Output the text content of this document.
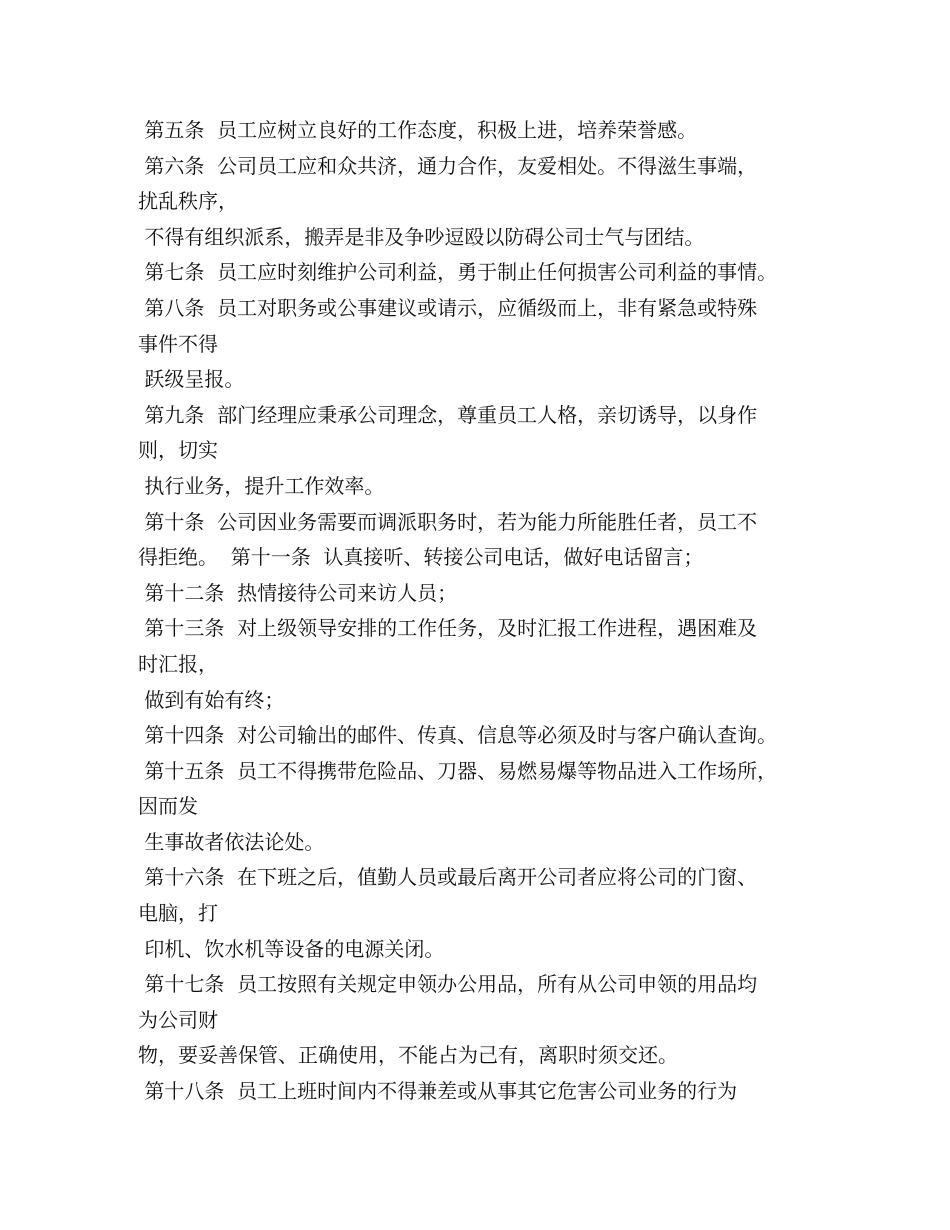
第五条  员工应树立良好的工作态度，积极上进，培养荣誉感。
第六条  公司员工应和众共济，通力合作，友爱相处。不得滋生事端，
扰乱秩序，
不得有组织派系，搬弄是非及争吵逗殴以防碍公司士气与团结。
第七条  员工应时刻维护公司利益，勇于制止任何损害公司利益的事情。
第八条  员工对职务或公事建议或请示，应循级而上，非有紧急或特殊
事件不得
跃级呈报。
第九条  部门经理应秉承公司理念，尊重员工人格，亲切诱导，以身作
则，切实
执行业务，提升工作效率。
第十条  公司因业务需要而调派职务时，若为能力所能胜任者，员工不
得拒绝。  第十一条  认真接听、转接公司电话，做好电话留言；
第十二条  热情接待公司来访人员；
第十三条  对上级领导安排的工作任务，及时汇报工作进程，遇困难及
时汇报，
做到有始有终；
第十四条  对公司输出的邮件、传真、信息等必须及时与客户确认查询。
第十五条  员工不得携带危险品、刀器、易燃易爆等物品进入工作场所，
因而发
生事故者依法论处。
第十六条  在下班之后，值勤人员或最后离开公司者应将公司的门窗、
电脑，打
印机、饮水机等设备的电源关闭。
第十七条  员工按照有关规定申领办公用品，所有从公司申领的用品均
为公司财
物，要妥善保管、正确使用，不能占为己有，离职时须交还。
第十八条  员工上班时间内不得兼差或从事其它危害公司业务的行为
